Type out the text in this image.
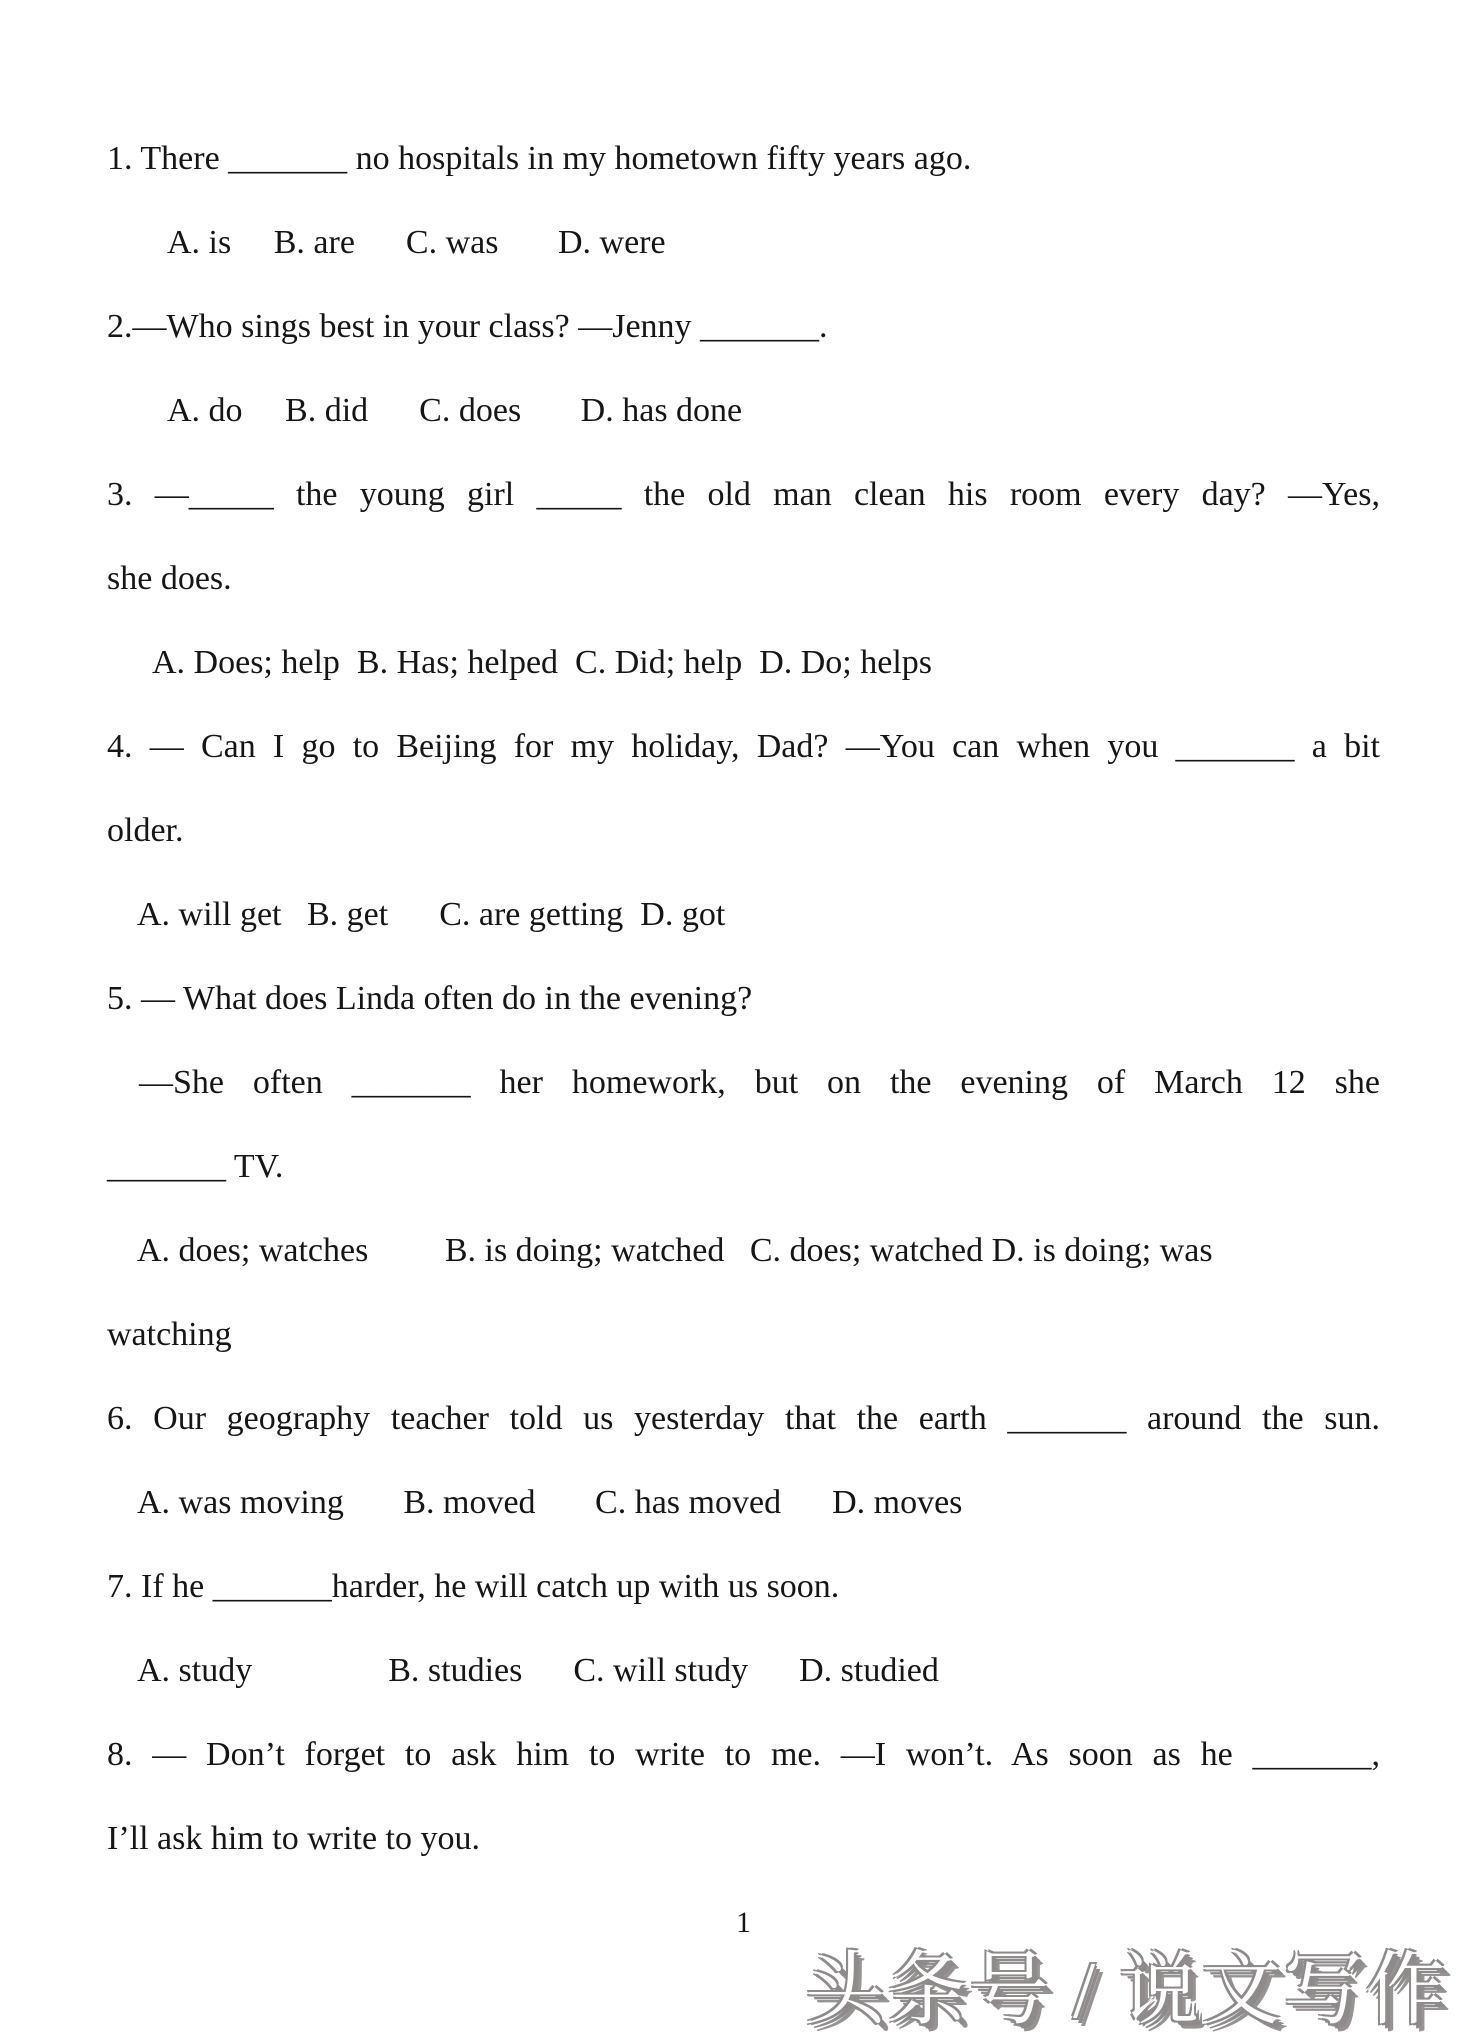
1. There _______ no hospitals in my hometown fifty years ago.
A. is     B. are      C. was       D. were
2.—Who sings best in your class? —Jenny _______.
A. do     B. did      C. does       D. has done
3. —_____ the young girl _____ the old man clean his room every day? —Yes,
she does.
A. Does; help  B. Has; helped  C. Did; help  D. Do; helps
4. — Can I go to Beijing for my holiday, Dad? —You can when you _______ a bit
older.
A. will get   B. get      C. are getting  D. got
5. — What does Linda often do in the evening?
—She often _______ her homework, but on the evening of March 12 she
_______ TV.
A. does; watches         B. is doing; watched   C. does; watched D. is doing; was
watching
6. Our geography teacher told us yesterday that the earth _______ around the sun.
A. was moving       B. moved       C. has moved      D. moves
7. If he _______harder, he will catch up with us soon.
A. study                B. studies      C. will study      D. studied
8. — Don’t forget to ask him to write to me. —I won’t. As soon as he _______,
I’ll ask him to write to you.
1
头条号 / 说文写作
